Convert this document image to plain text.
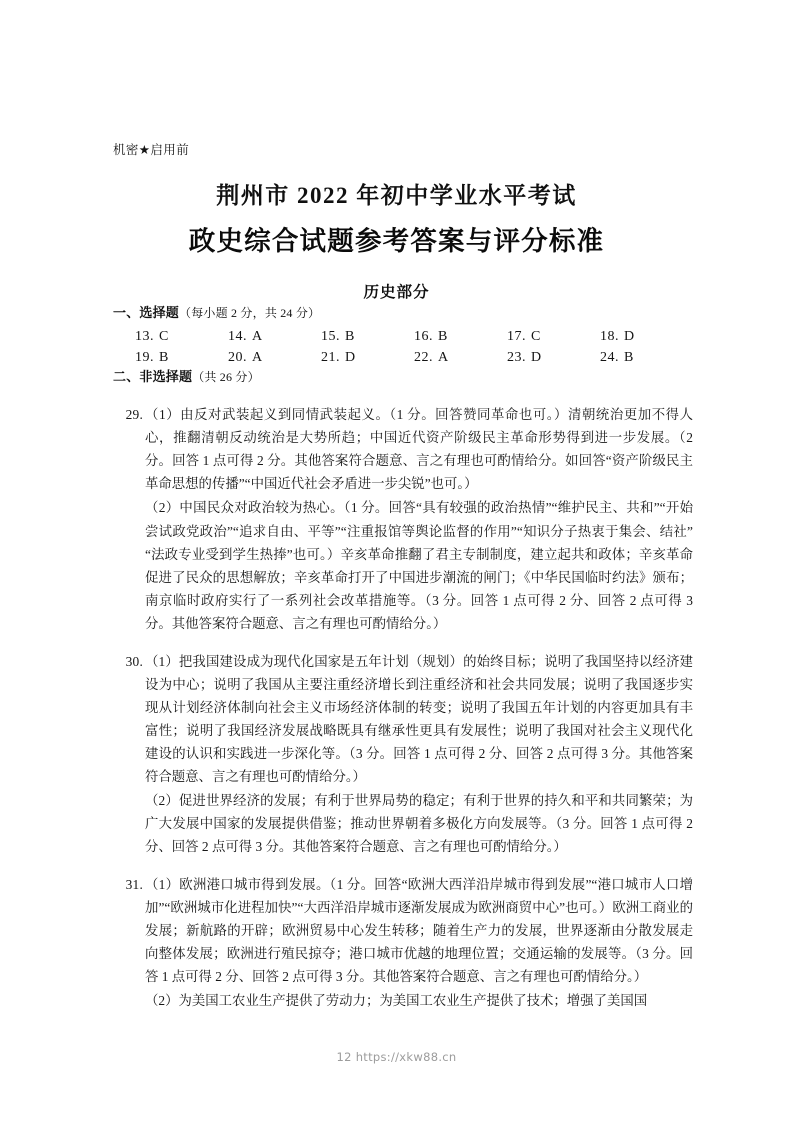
机密★启用前
荆州市 2022 年初中学业水平考试
政史综合试题参考答案与评分标准
历史部分
一、选择题（每小题 2 分，共 24 分）
13. C	14. A	15. B	16. B	17. C	18. D
19. B	20. A	21. D	22. A	23. D	24. B
二、非选择题（共 26 分）
29. （1）由反对武装起义到同情武装起义。（1 分。回答赞同革命也可。）清朝统治更加不得人心，推翻清朝反动统治是大势所趋；中国近代资产阶级民主革命形势得到进一步发展。（2 分。回答 1 点可得 2 分。其他答案符合题意、言之有理也可酌情给分。如回答“资产阶级民主革命思想的传播”“中国近代社会矛盾进一步尖锐”也可。）
（2）中国民众对政治较为热心。（1 分。回答“具有较强的政治热情”“维护民主、共和”“开始尝试政党政治”“追求自由、平等”“注重报馆等舆论监督的作用”“知识分子热衷于集会、结社”“法政专业受到学生热捧”也可。）辛亥革命推翻了君主专制制度，建立起共和政体；辛亥革命促进了民众的思想解放；辛亥革命打开了中国进步潮流的闸门；《中华民国临时约法》颁布；南京临时政府实行了一系列社会改革措施等。（3 分。回答 1 点可得 2 分、回答 2 点可得 3 分。其他答案符合题意、言之有理也可酌情给分。）
30. （1）把我国建设成为现代化国家是五年计划（规划）的始终目标；说明了我国坚持以经济建设为中心；说明了我国从主要注重经济增长到注重经济和社会共同发展；说明了我国逐步实现从计划经济体制向社会主义市场经济体制的转变；说明了我国五年计划的内容更加具有丰富性；说明了我国经济发展战略既具有继承性更具有发展性；说明了我国对社会主义现代化建设的认识和实践进一步深化等。（3 分。回答 1 点可得 2 分、回答 2 点可得 3 分。其他答案符合题意、言之有理也可酌情给分。）
（2）促进世界经济的发展；有利于世界局势的稳定；有利于世界的持久和平和共同繁荣；为广大发展中国家的发展提供借鉴；推动世界朝着多极化方向发展等。（3 分。回答 1 点可得 2 分、回答 2 点可得 3 分。其他答案符合题意、言之有理也可酌情给分。）
31. （1）欧洲港口城市得到发展。（1 分。回答“欧洲大西洋沿岸城市得到发展”“港口城市人口增加”“欧洲城市化进程加快”“大西洋沿岸城市逐渐发展成为欧洲商贸中心”也可。）欧洲工商业的发展；新航路的开辟；欧洲贸易中心发生转移；随着生产力的发展，世界逐渐由分散发展走向整体发展；欧洲进行殖民掠夺；港口城市优越的地理位置；交通运输的发展等。（3 分。回答 1 点可得 2 分、回答 2 点可得 3 分。其他答案符合题意、言之有理也可酌情给分。）
（2）为美国工农业生产提供了劳动力；为美国工农业生产提供了技术；增强了美国国
12 https://xkw88.cn
